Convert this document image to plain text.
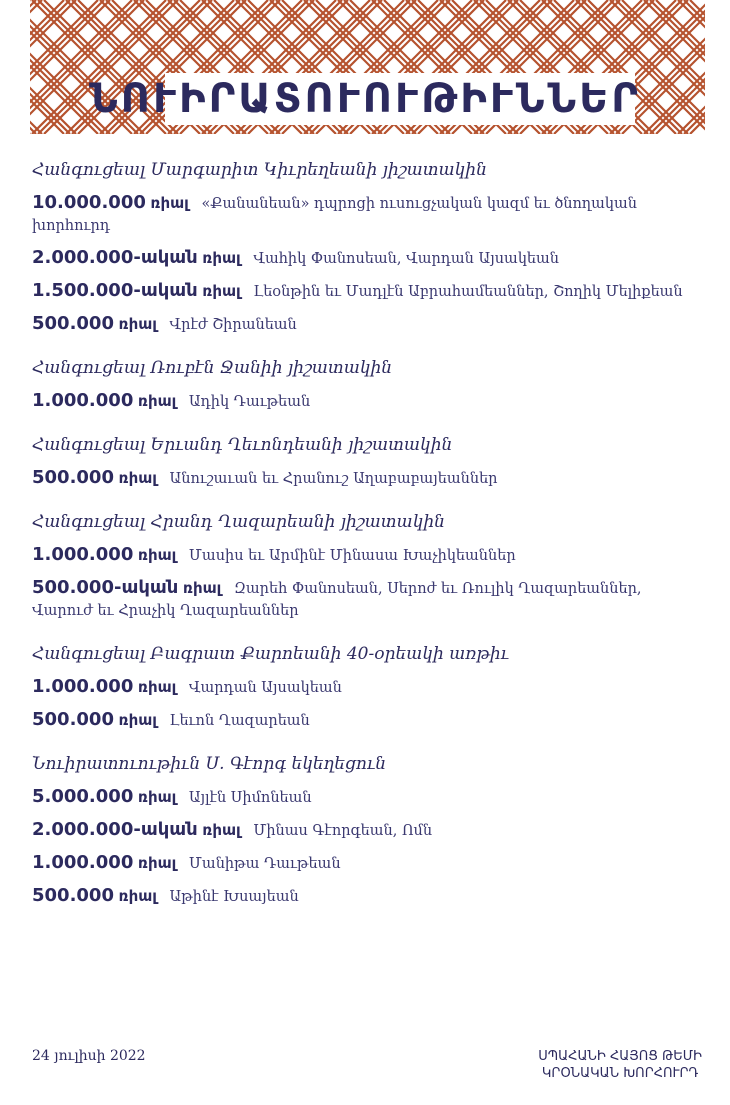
ՆՈՒԻՐԱՏՈՒՈՒԹԻՒՆՆԵՐ
Հանգուցեալ Մարգարիտ Կիւրեղեանի յիշատակին
10.000.000 ռիալ «Քանանեան» դպրոցի ուսուցչական կազմ եւ ծնողական խորհուրդ
2.000.000-ական ռիալ Վահիկ Փանոսեան, Վարդան Այսակեան
1.500.000-ական ռիալ Լեօնթին եւ Մադլէն Աբրահամեաններ, Շողիկ Մելիքեան
500.000 ռիալ Վրէժ Շիրանեան
Հանգուցեալ Ռուբէն Ջանիի յիշատակին
1.000.000 ռիալ Ադիկ Դաւթեան
Հանգուցեալ Երւանդ Ղեւոնդեանի յիշատակին
500.000 ռիալ Անուշաւան եւ Հրանուշ Աղաբաբայեաններ
Հանգուցեալ Հրանդ Ղազարեանի յիշատակին
1.000.000 ռիալ Մասիս եւ Արմինէ Մինասա Խաչիկեաններ
500.000-ական ռիալ Զարեհ Փանոսեան, Սերոժ եւ Ռուլիկ Ղազարեաններ, Վարուժ եւ Հրաչիկ Ղազարեաններ
Հանգուցեալ Բագրատ Քարոեանի 40-օրեակի առթիւ
1.000.000 ռիալ Վարդան Այսակեան
500.000 ռիալ Լեւոն Ղազարեան
Նուիրատուութիւն Ս. Գէորգ եկեղեցուն
5.000.000 ռիալ Այլէն Սիմոնեան
2.000.000-ական ռիալ Մինաս Գէորգեան, Ոմն
1.000.000 ռիալ Մանիթա Դաւթեան
500.000 ռիալ Աթինէ Խսայեան
24 յուլիսի 2022	ՍՊԱՀԱՆԻ ՀԱՅՈՑ ԹԵՄԻ
ԿՐՕՆԱԿԱՆ ԽՈՐՀՈՒՐԴ
